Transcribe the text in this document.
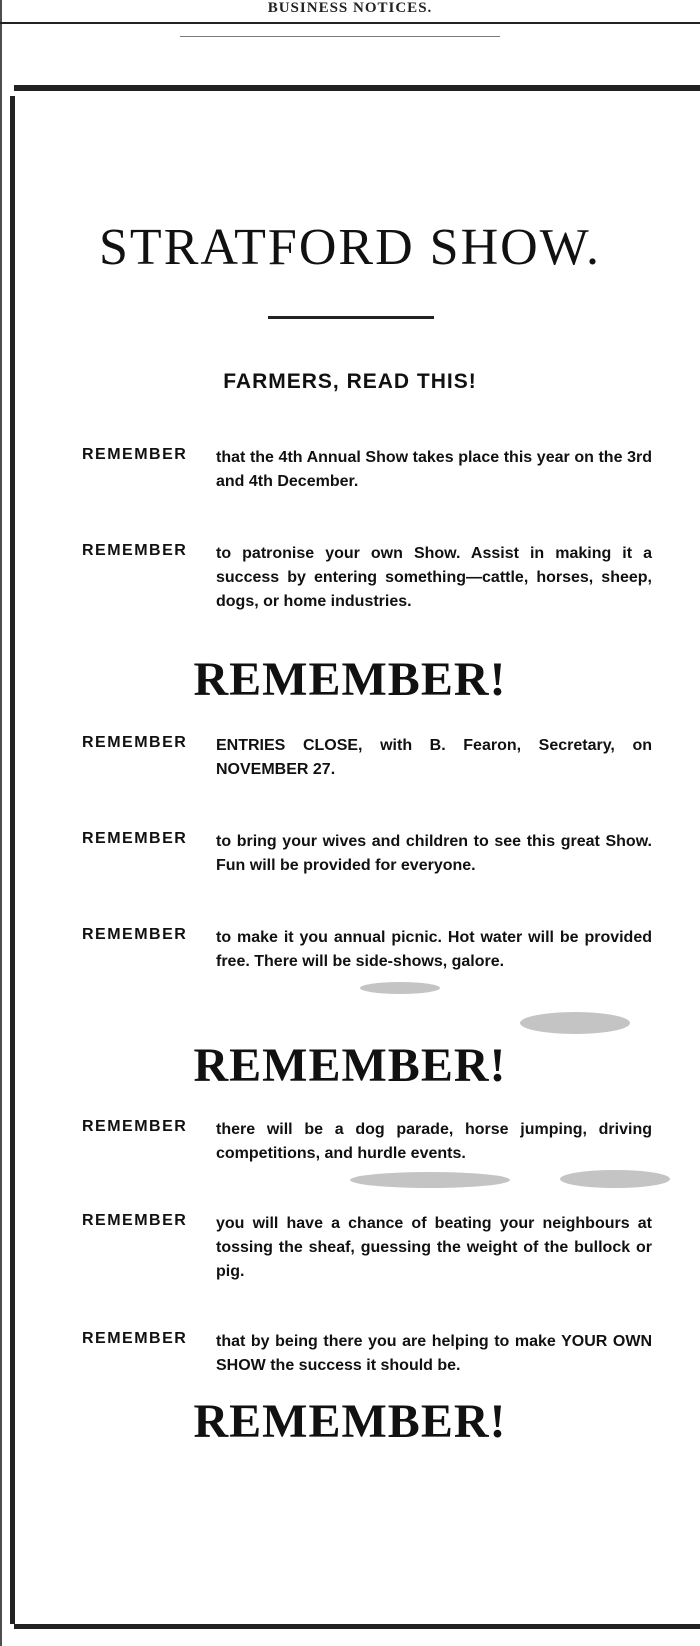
BUSINESS NOTICES.
STRATFORD SHOW.
FARMERS, READ THIS!
REMEMBER	that the 4th Annual Show takes place this year on the 3rd and 4th December.
REMEMBER	to patronise your own Show. Assist in making it a success by entering something—cattle, horses, sheep, dogs, or home industries.
REMEMBER!
REMEMBER	ENTRIES CLOSE, with B. Fearon, Secretary, on NOVEMBER 27.
REMEMBER	to bring your wives and children to see this great Show. Fun will be provided for everyone.
REMEMBER	to make it you annual picnic. Hot water will be provided free. There will be side-shows, galore.
REMEMBER!
REMEMBER	there will be a dog parade, horse jumping, driving competitions, and hurdle events.
REMEMBER	you will have a chance of beating your neighbours at tossing the sheaf, guessing the weight of the bullock or pig.
REMEMBER	that by being there you are helping to make YOUR OWN SHOW the success it should be.
REMEMBER!
